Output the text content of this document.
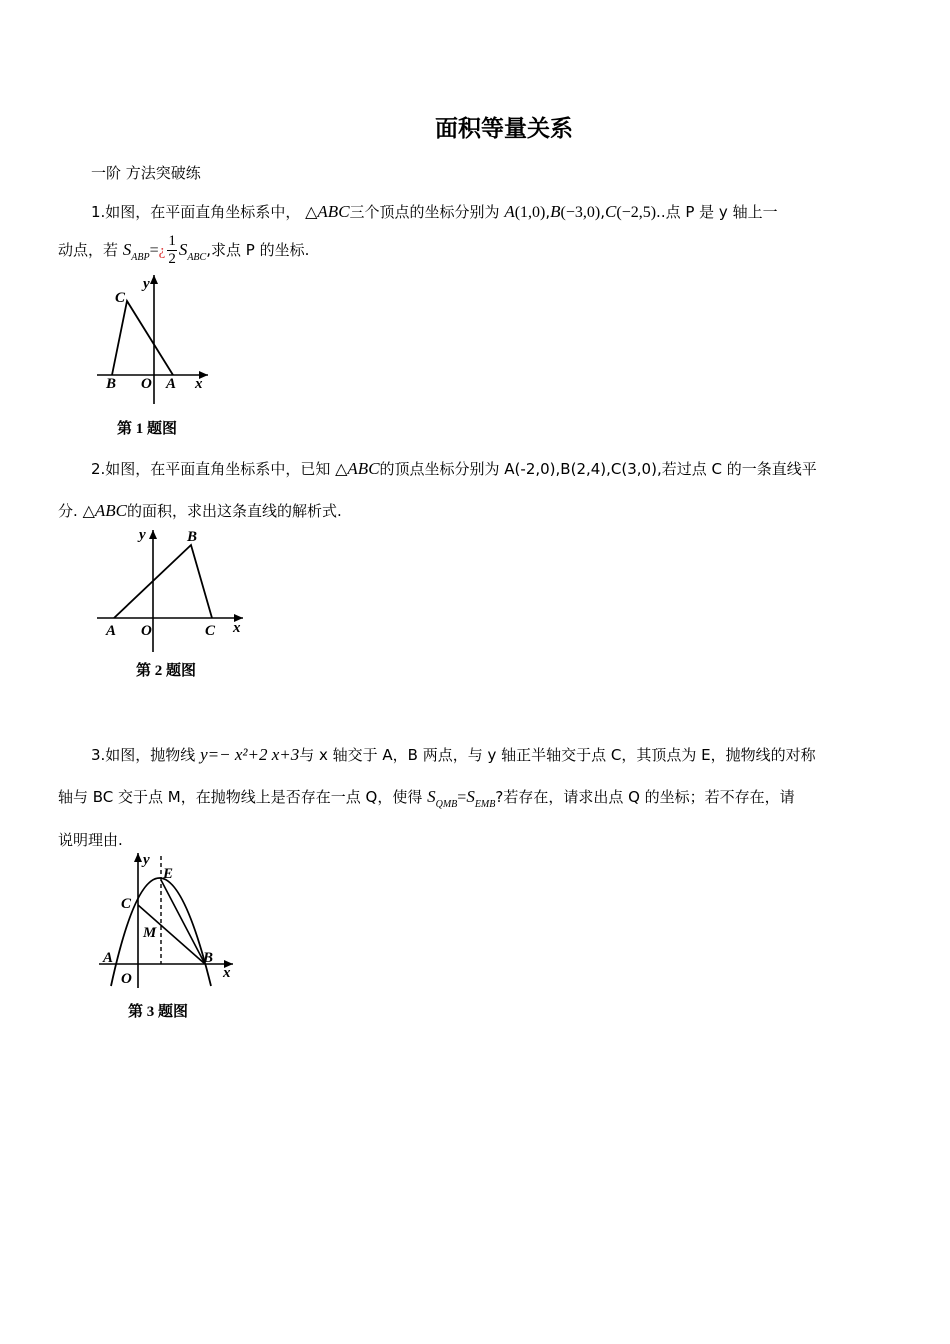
面积等量关系
一阶 方法突破练
1.如图，在平面直角坐标系中， △ABC三个顶点的坐标分别为 A(1,0),B(−3,0),C(−2,5)..点 P 是 y 轴上一
动点，若 $S_{ABP}=¿ \frac{1}{2} S_{ABC}$,求点 P 的坐标.
C
y
B O A x
第 1 题图
2.如图，在平面直角坐标系中，已知 △ABC的顶点坐标分别为 A(-2,0),B(2,4),C(3,0),若过点 C 的一条直线平
分. △ABC的面积，求出这条直线的解析式.
y	B
A O	C x
第 2 题图
3.如图，抛物线 y=− x²+2 x+3与 x 轴交于 A，B 两点，与 y 轴正半轴交于点 C，其顶点为 E，抛物线的对称
轴与 BC 交于点 M，在抛物线上是否存在一点 Q，使得 $S_{QMB}=S_{EMB}$?若存在，请求出点 Q 的坐标；若不存在，请
说明理由.
y
E
C
M
A	B
O	x
第 3 题图
